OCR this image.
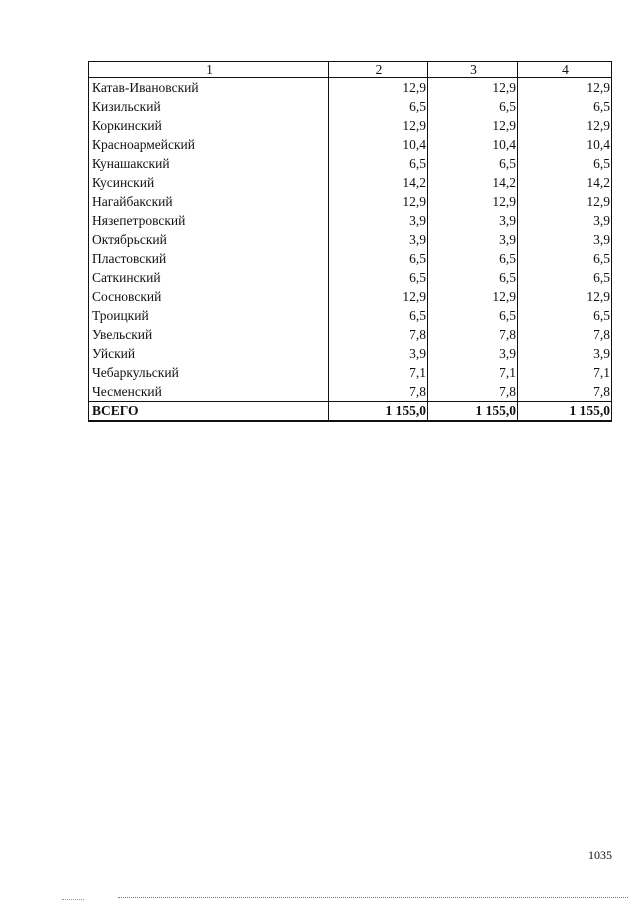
1	2	3	4
Катав-Ивановский	12,9	12,9	12,9
Кизильский	6,5	6,5	6,5
Коркинский	12,9	12,9	12,9
Красноармейский	10,4	10,4	10,4
Кунашакский	6,5	6,5	6,5
Кусинский	14,2	14,2	14,2
Нагайбакский	12,9	12,9	12,9
Нязепетровский	3,9	3,9	3,9
Октябрьский	3,9	3,9	3,9
Пластовский	6,5	6,5	6,5
Саткинский	6,5	6,5	6,5
Сосновский	12,9	12,9	12,9
Троицкий	6,5	6,5	6,5
Увельский	7,8	7,8	7,8
Уйский	3,9	3,9	3,9
Чебаркульский	7,1	7,1	7,1
Чесменский	7,8	7,8	7,8
ВСЕГО	1 155,0	1 155,0	1 155,0
1035
